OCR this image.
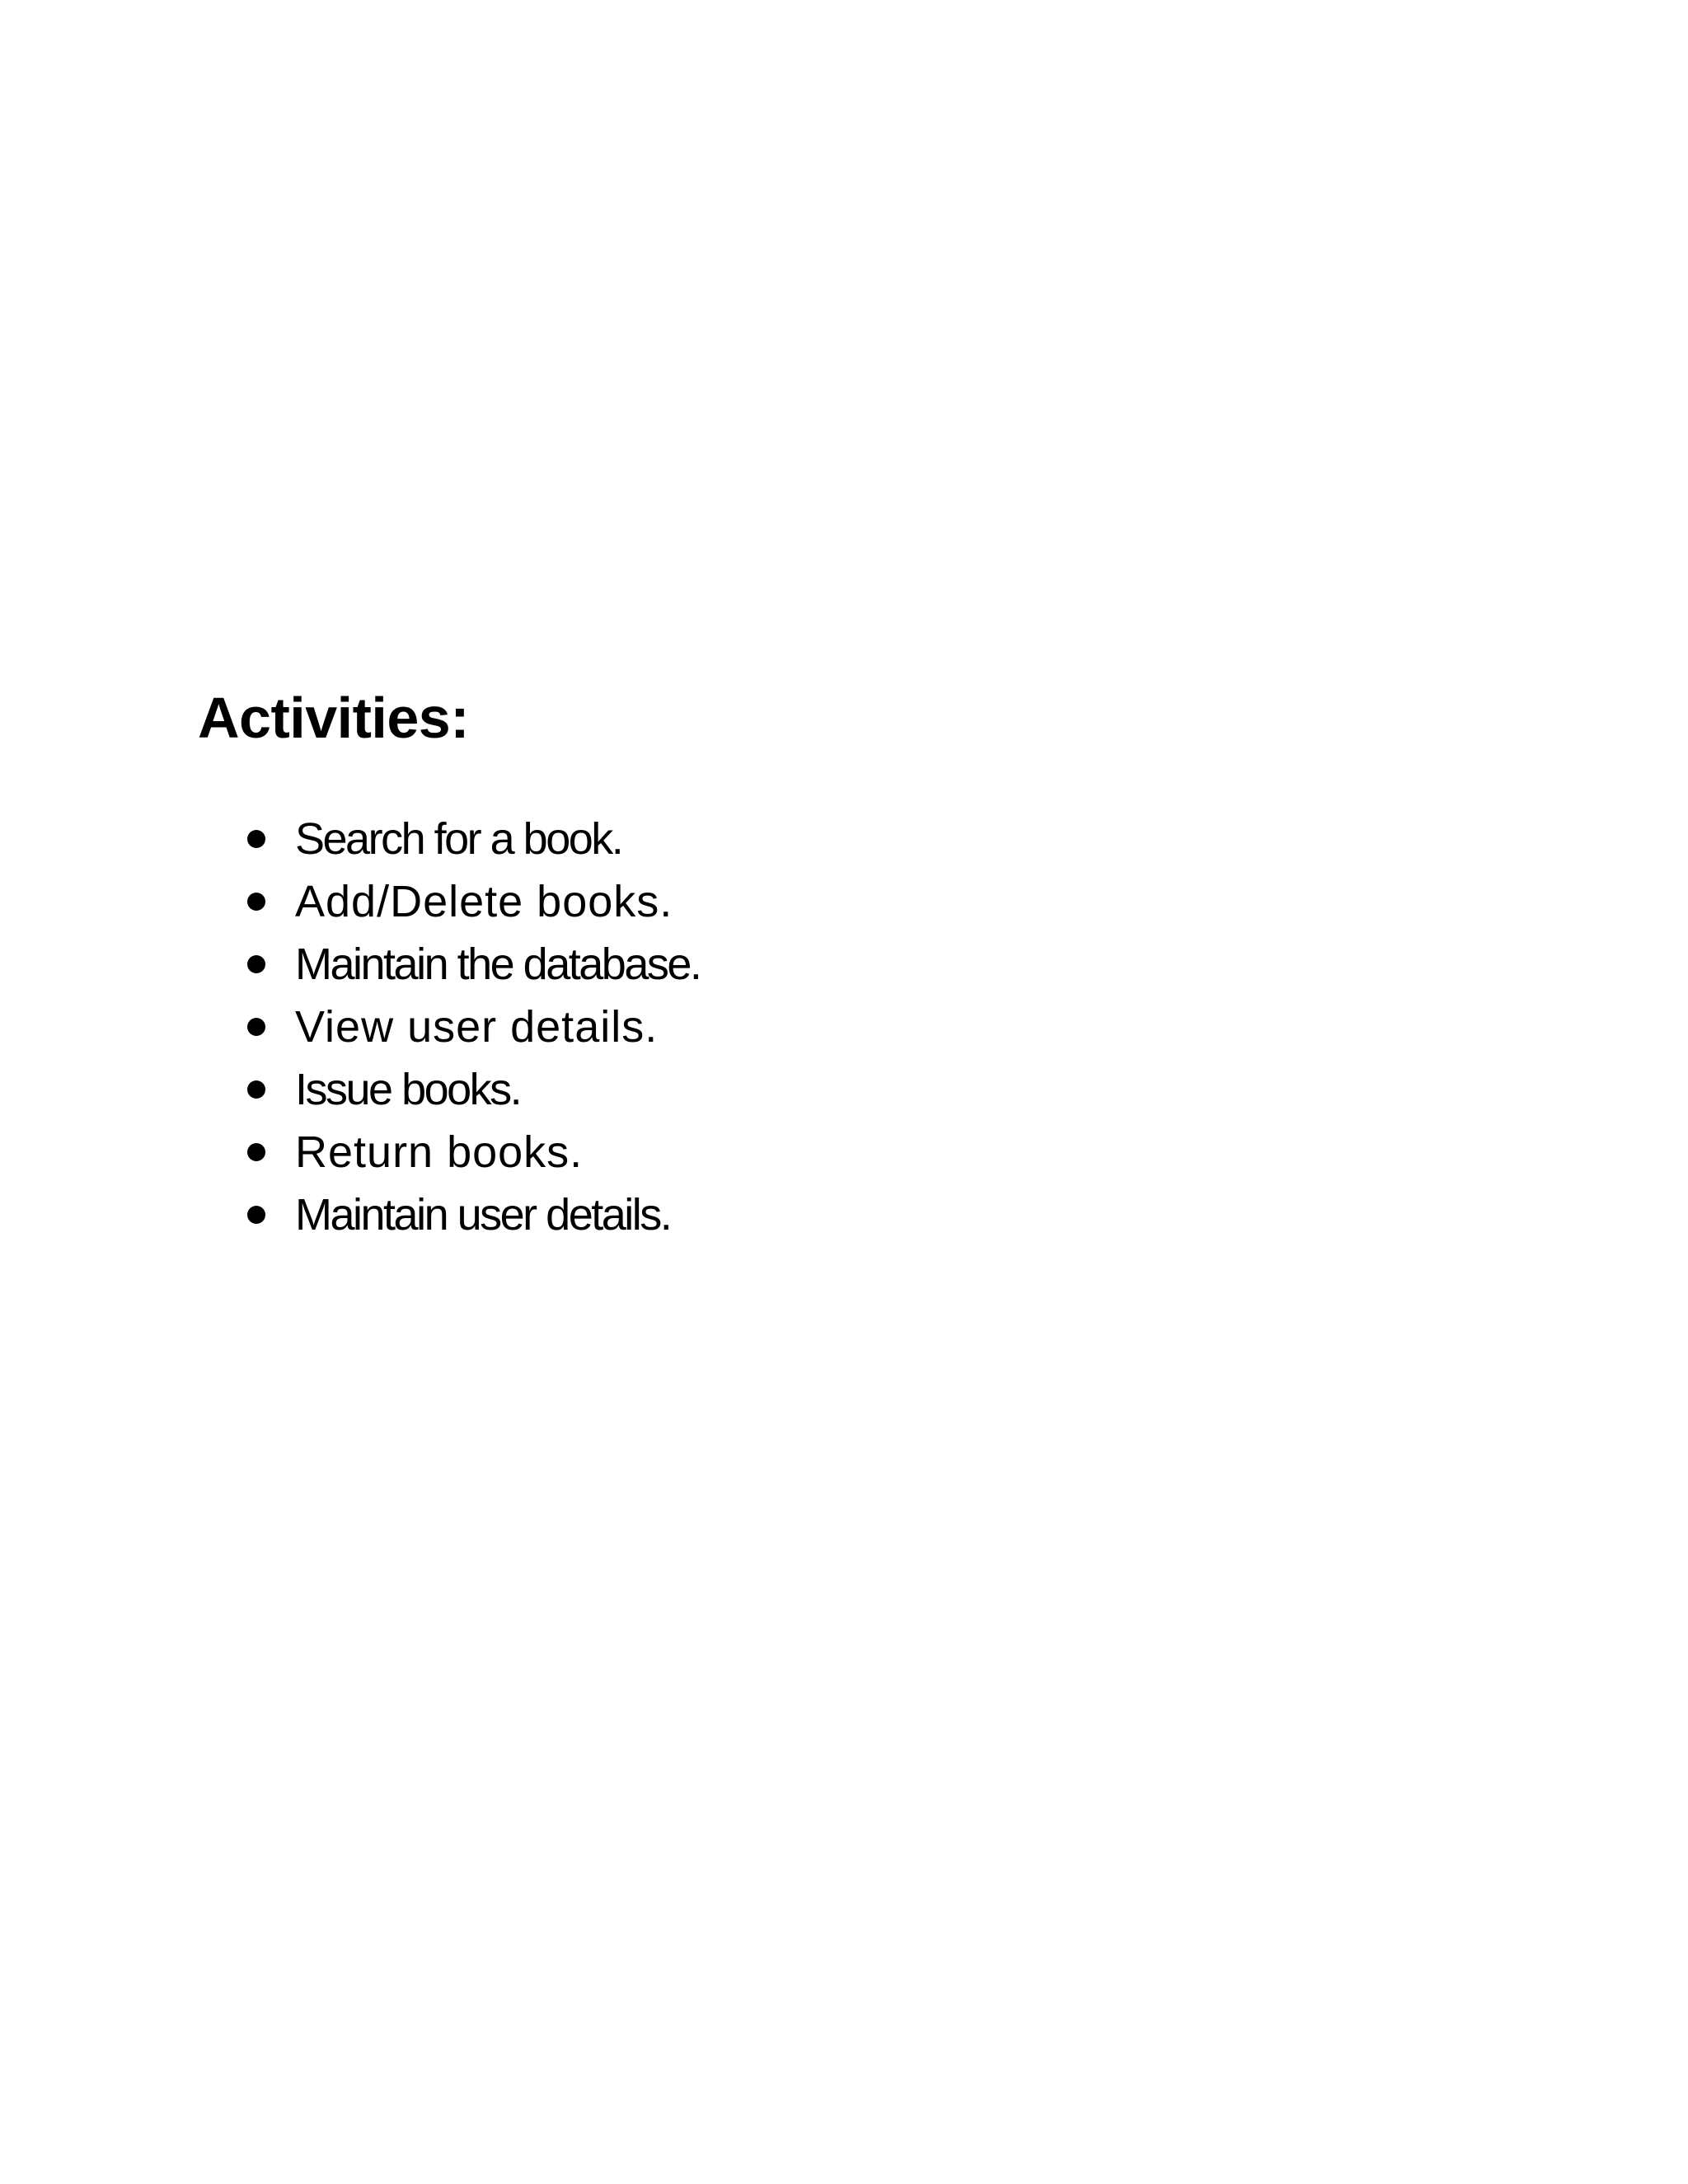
Activities:
Search for a book.
Add/Delete books.
Maintain the database.
View user details.
Issue books.
Return books.
Maintain user details.
